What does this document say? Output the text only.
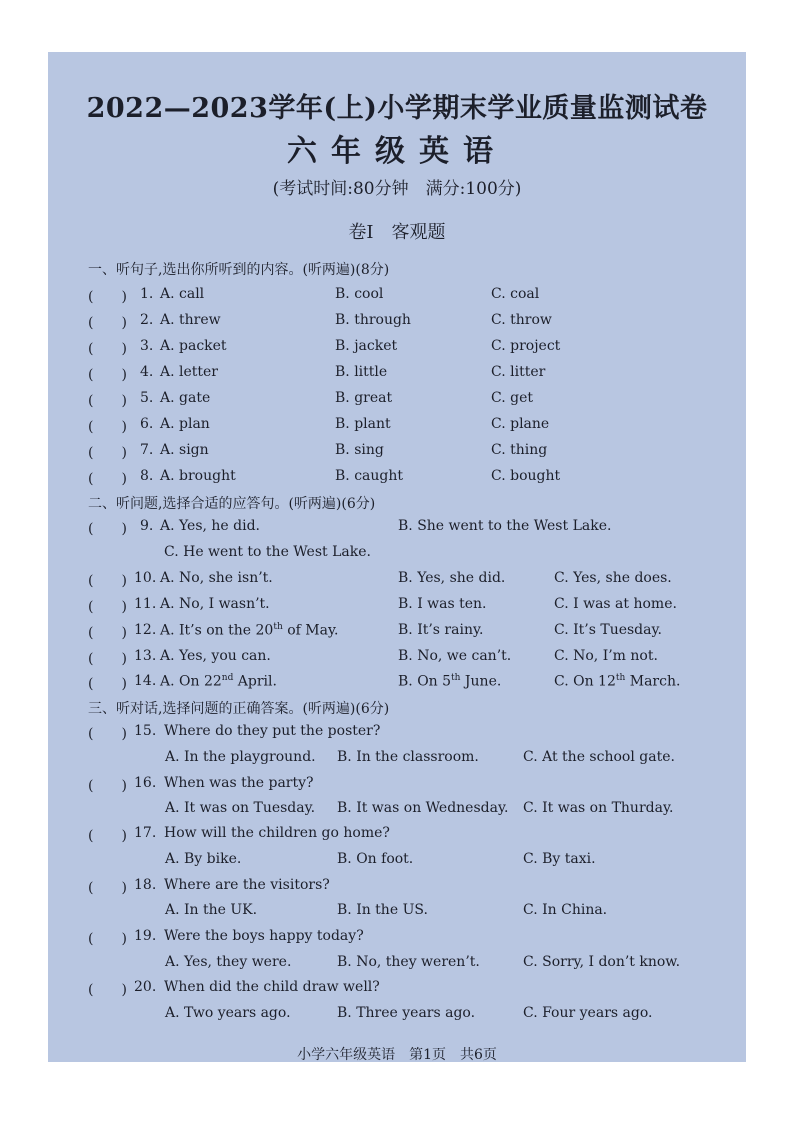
2022—2023学年(上)小学期末学业质量监测试卷
六年级英语
(考试时间:80分钟　满分:100分)
卷Ⅰ　客观题
一、听句子,选出你所听到的内容。(听两遍)(8分)
(　　) 1. A. call	B. cool	C. coal
(　　) 2. A. threw	B. through	C. throw
(　　) 3. A. packet	B. jacket	C. project
(　　) 4. A. letter	B. little	C. litter
(　　) 5. A. gate	B. great	C. get
(　　) 6. A. plan	B. plant	C. plane
(　　) 7. A. sign	B. sing	C. thing
(　　) 8. A. brought	B. caught	C. bought
二、听问题,选择合适的应答句。(听两遍)(6分)
(　　) 9. A. Yes, he did.	B. She went to the West Lake.
C. He went to the West Lake.
(　　) 10. A. No, she isn’t.	B. Yes, she did.	C. Yes, she does.
(　　) 11. A. No, I wasn’t.	B. I was ten.	C. I was at home.
(　　) 12. A. It’s on the 20th of May.	B. It’s rainy.	C. It’s Tuesday.
(　　) 13. A. Yes, you can.	B. No, we can’t.	C. No, I’m not.
(　　) 14. A. On 22nd April.	B. On 5th June.	C. On 12th March.
三、听对话,选择问题的正确答案。(听两遍)(6分)
(　　) 15. Where do they put the poster?
A. In the playground. B. In the classroom.	C. At the school gate.
(　　) 16. When was the party?
A. It was on Tuesday. B. It was on Wednesday. C. It was on Thurday.
(　　) 17. How will the children go home?
A. By bike.	B. On foot.	C. By taxi.
(　　) 18. Where are the visitors?
A. In the UK.	B. In the US.	C. In China.
(　　) 19. Were the boys happy today?
A. Yes, they were.	B. No, they weren’t.	C. Sorry, I don’t know.
(　　) 20. When did the child draw well?
A. Two years ago.	B. Three years ago.	C. Four years ago.
小学六年级英语　第1页　共6页
